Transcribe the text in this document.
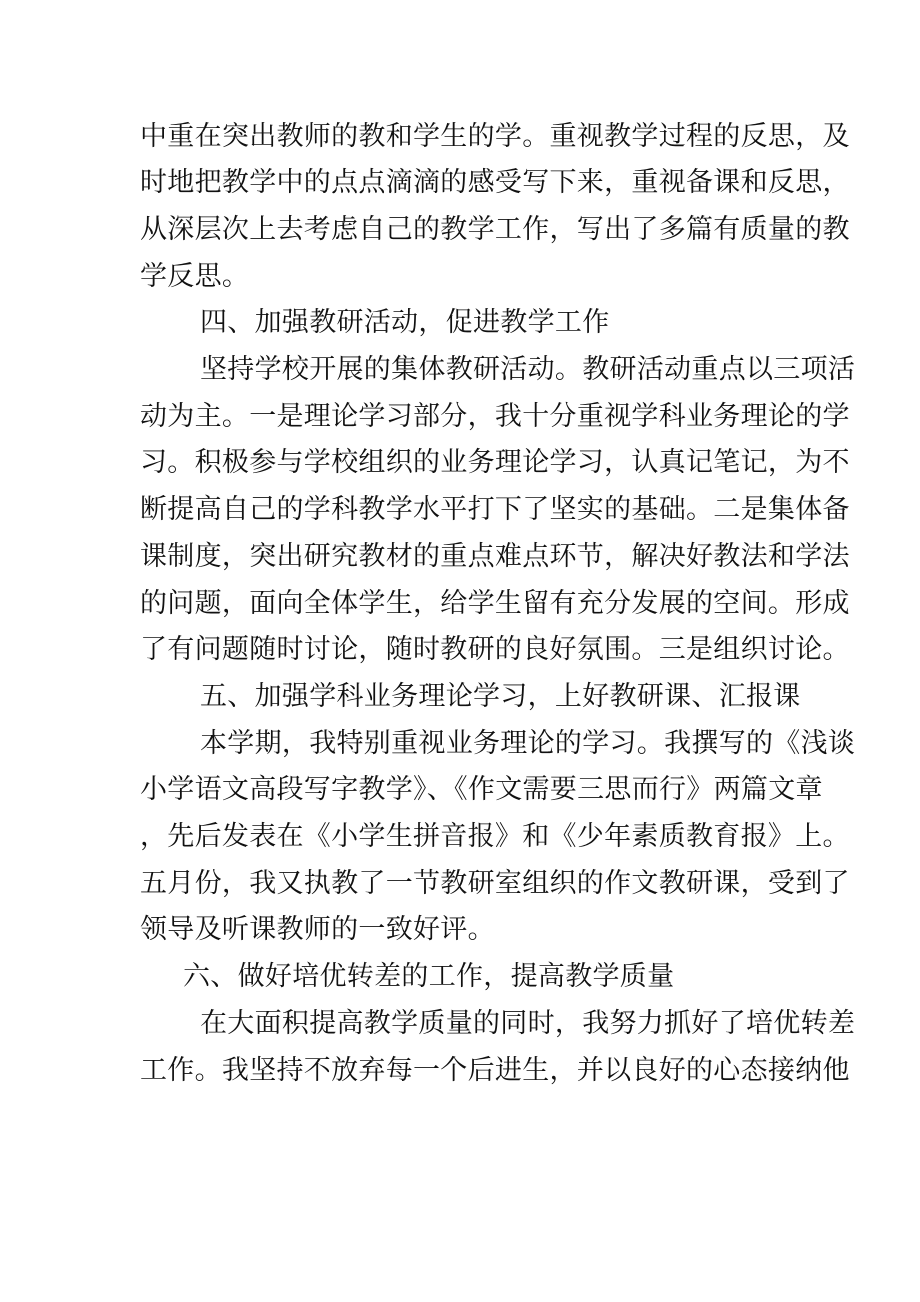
中重在突出教师的教和学生的学。重视教学过程的反思，及
时地把教学中的点点滴滴的感受写下来，重视备课和反思，
从深层次上去考虑自己的教学工作，写出了多篇有质量的教
学反思。
四、加强教研活动，促进教学工作
坚持学校开展的集体教研活动。教研活动重点以三项活
动为主。一是理论学习部分，我十分重视学科业务理论的学
习。积极参与学校组织的业务理论学习，认真记笔记，为不
断提高自己的学科教学水平打下了坚实的基础。二是集体备
课制度，突出研究教材的重点难点环节，解决好教法和学法
的问题，面向全体学生，给学生留有充分发展的空间。形成
了有问题随时讨论，随时教研的良好氛围。三是组织讨论。
五、加强学科业务理论学习，上好教研课、汇报课
本学期，我特别重视业务理论的学习。我撰写的《浅谈
小学语文高段写字教学》、《作文需要三思而行》两篇文章
，先后发表在《小学生拼音报》和《少年素质教育报》上。
五月份，我又执教了一节教研室组织的作文教研课，受到了
领导及听课教师的一致好评。
六、做好培优转差的工作，提高教学质量
在大面积提高教学质量的同时，我努力抓好了培优转差
工作。我坚持不放弃每一个后进生，并以良好的心态接纳他
